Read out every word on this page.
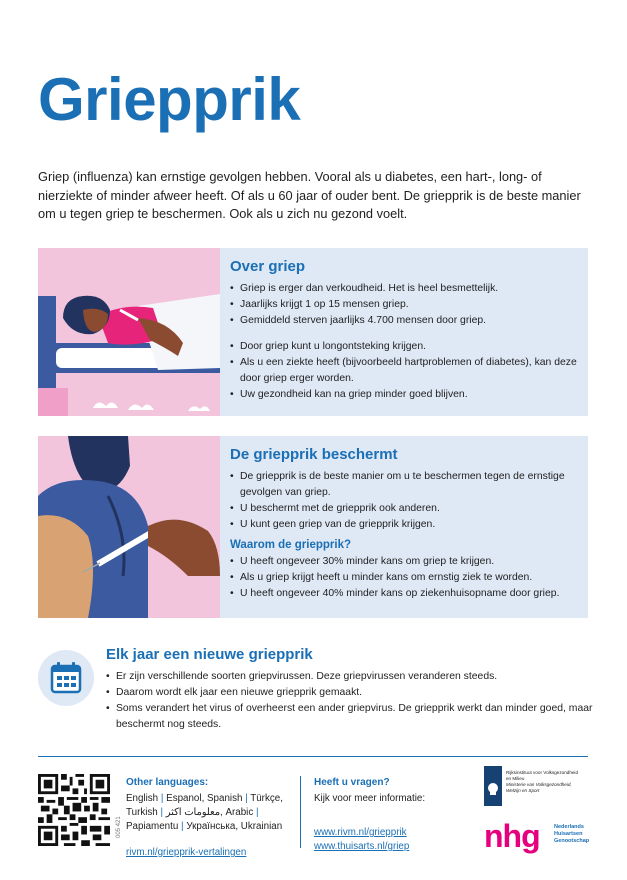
Griepprik
Griep (influenza) kan ernstige gevolgen hebben. Vooral als u diabetes, een hart-, long- of nierziekte of minder afweer heeft. Of als u 60 jaar of ouder bent. De griepprik is de beste manier om u tegen griep te beschermen. Ook als u zich nu gezond voelt.
Over griep
• Griep is erger dan verkoudheid. Het is heel besmettelijk.
• Jaarlijks krijgt 1 op 15 mensen griep.
• Gemiddeld sterven jaarlijks 4.700 mensen door griep.
• Door griep kunt u longontsteking krijgen.
• Als u een ziekte heeft (bijvoorbeeld hartproblemen of diabetes), kan deze door griep erger worden.
• Uw gezondheid kan na griep minder goed blijven.
De griepprik beschermt
• De griepprik is de beste manier om u te beschermen tegen de ernstige gevolgen van griep.
• U beschermt met de griepprik ook anderen.
• U kunt geen griep van de griepprik krijgen.
Waarom de griepprik?
• U heeft ongeveer 30% minder kans om griep te krijgen.
• Als u griep krijgt heeft u minder kans om ernstig ziek te worden.
• U heeft ongeveer 40% minder kans op ziekenhuisopname door griep.
Elk jaar een nieuwe griepprik
• Er zijn verschillende soorten griepvirussen. Deze griepvirussen veranderen steeds.
• Daarom wordt elk jaar een nieuwe griepprik gemaakt.
• Soms verandert het virus of overheerst een ander griepvirus. De griepprik werkt dan minder goed, maar beschermt nog steeds.
005 421
Other languages:
English | Espanol, Spanish | Türkçe,
Turkish | معلومات اكثر, Arabic |
Papiamentu | Українська, Ukrainian
rivm.nl/griepprik-vertalingen
Heeft u vragen?
Kijk voor meer informatie:
www.rivm.nl/griepprik
www.thuisarts.nl/griep
Rijksinstituut voor Volksgezondheid
en Milieu
Ministerie van Volksgezondheid,
Welzijn en Sport
nhg	Nederlands
Huisartsen
Genootschap
